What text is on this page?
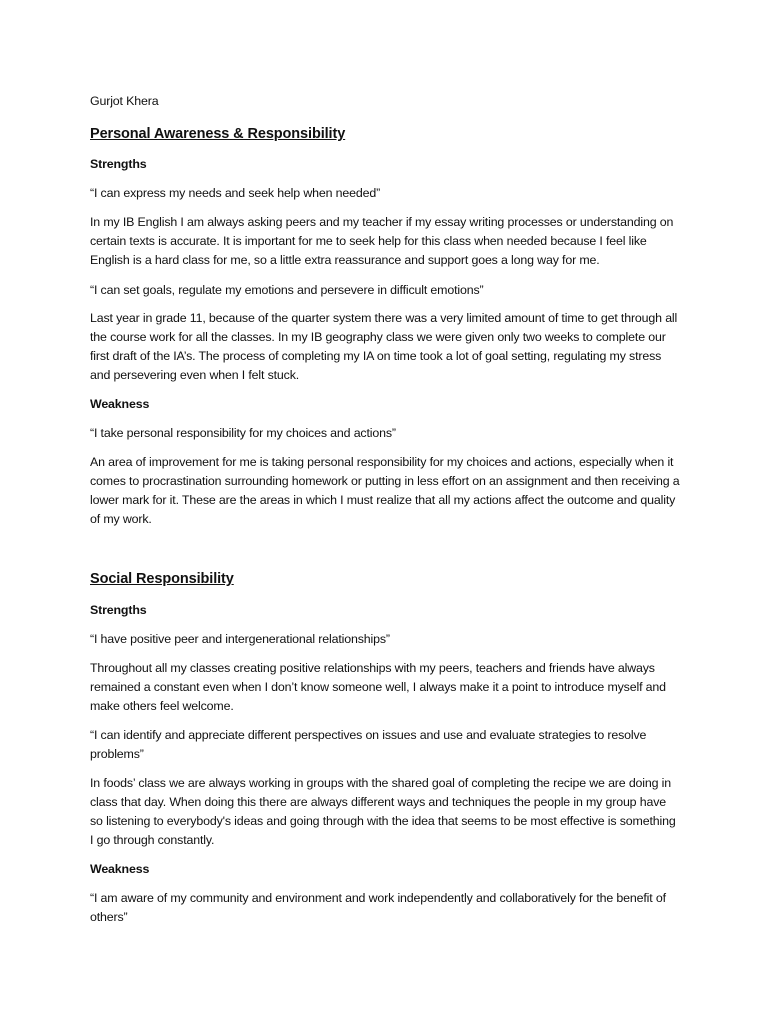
Gurjot Khera

Personal Awareness & Responsibility

Strengths

“I can express my needs and seek help when needed”

In my IB English I am always asking peers and my teacher if my essay writing processes or understanding on certain texts is accurate. It is important for me to seek help for this class when needed because I feel like English is a hard class for me, so a little extra reassurance and support goes a long way for me.

“I can set goals, regulate my emotions and persevere in difficult emotions”

Last year in grade 11, because of the quarter system there was a very limited amount of time to get through all the course work for all the classes. In my IB geography class we were given only two weeks to complete our first draft of the IA’s. The process of completing my IA on time took a lot of goal setting, regulating my stress and persevering even when I felt stuck.

Weakness

“I take personal responsibility for my choices and actions”

An area of improvement for me is taking personal responsibility for my choices and actions, especially when it comes to procrastination surrounding homework or putting in less effort on an assignment and then receiving a lower mark for it. These are the areas in which I must realize that all my actions affect the outcome and quality of my work.

Social Responsibility

Strengths

“I have positive peer and intergenerational relationships”

Throughout all my classes creating positive relationships with my peers, teachers and friends have always remained a constant even when I don’t know someone well, I always make it a point to introduce myself and make others feel welcome.

“I can identify and appreciate different perspectives on issues and use and evaluate strategies to resolve problems”

In foods’ class we are always working in groups with the shared goal of completing the recipe we are doing in class that day. When doing this there are always different ways and techniques the people in my group have so listening to everybody's ideas and going through with the idea that seems to be most effective is something I go through constantly.

Weakness

“I am aware of my community and environment and work independently and collaboratively for the benefit of others”
